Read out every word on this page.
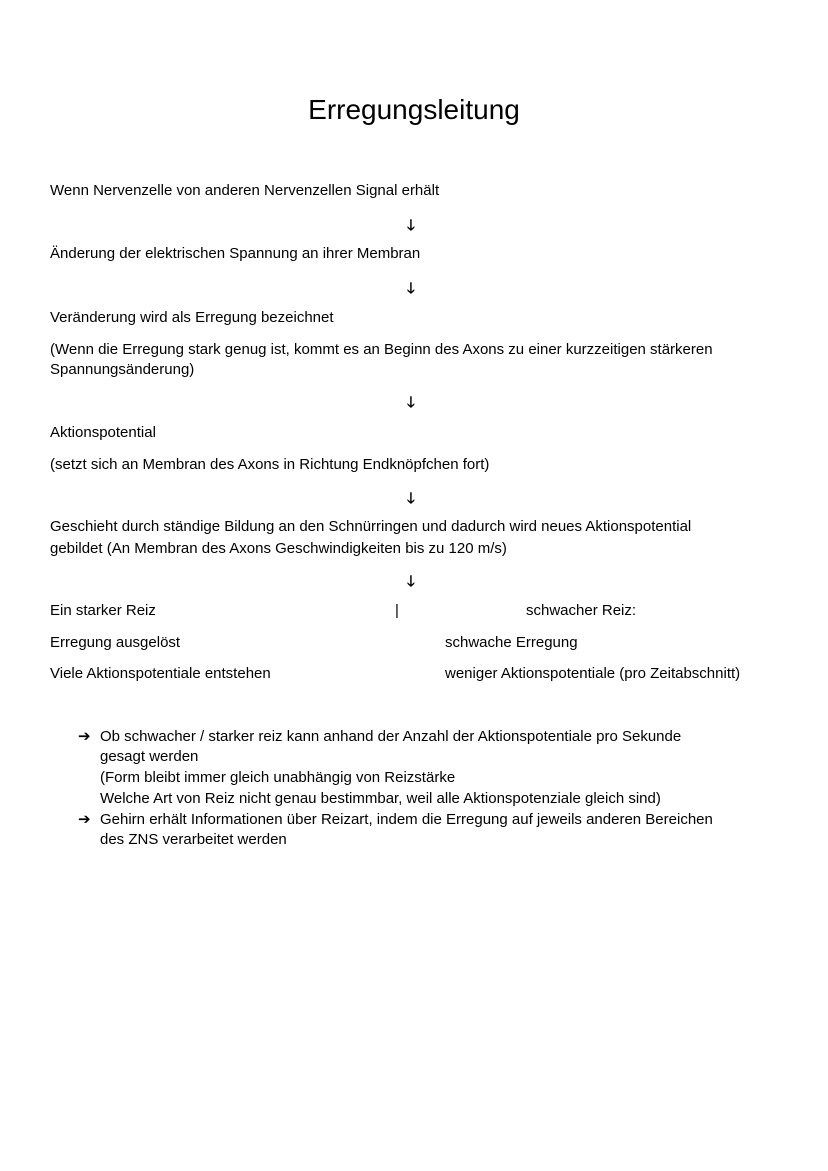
Erregungsleitung
Wenn Nervenzelle von anderen Nervenzellen Signal erhält
🡓
Änderung der elektrischen Spannung an ihrer Membran
🡓
Veränderung wird als Erregung bezeichnet
(Wenn die Erregung stark genug ist, kommt es an Beginn des Axons zu einer kurzzeitigen stärkeren
Spannungsänderung)
🡓
Aktionspotential
(setzt sich an Membran des Axons in Richtung Endknöpfchen fort)
🡓
Geschieht durch ständige Bildung an den Schnürringen und dadurch wird neues Aktionspotential
gebildet (An Membran des Axons Geschwindigkeiten bis zu 120 m/s)
🡓
Ein starker Reiz	|	schwacher Reiz:
Erregung ausgelöst	schwache Erregung
Viele Aktionspotentiale entstehen	weniger Aktionspotentiale (pro Zeitabschnitt)
➔ Ob schwacher / starker reiz kann anhand der Anzahl der Aktionspotentiale pro Sekunde
gesagt werden
(Form bleibt immer gleich unabhängig von Reizstärke
Welche Art von Reiz nicht genau bestimmbar, weil alle Aktionspotenziale gleich sind)
➔ Gehirn erhält Informationen über Reizart, indem die Erregung auf jeweils anderen Bereichen
des ZNS verarbeitet werden
